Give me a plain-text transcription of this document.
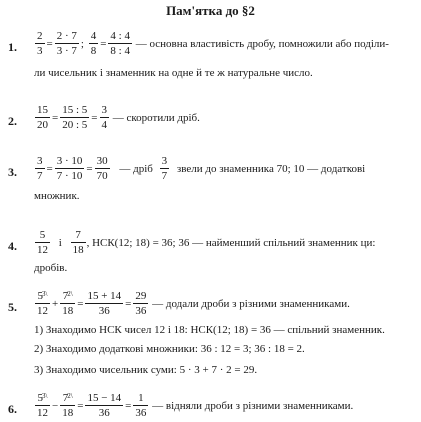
Пам'ятка до §2
1. $\frac{2}{3} = \frac{2 \cdot 7}{3 \cdot 7}$ ; $\frac{4}{8} = \frac{4 : 4}{8 : 4}$ — основна властивість дробу, помножили або поділи-
ли чисельник і знаменник на одне й те ж натуральне число.
2. $\frac{15}{20} = \frac{15 : 5}{20 : 5} = \frac{3}{4}$ — скоротили дріб.
3. $\frac{3}{7} = \frac{3 \cdot 10}{7 \cdot 10} = \frac{30}{70}$ — дріб $\frac{3}{7}$ звели до знаменника 70; 10 — додаткові
множник.
4. $\frac{5}{12}$ і $\frac{7}{18}$ , НСК(12; 18) = 36; 36 — найменший спільний знаменник ци:
дробів.
5. $\frac{5^{3\backslash}}{12} + \frac{7^{2\backslash}}{18} = \frac{15 + 14}{36} = \frac{29}{36}$ — додали дроби з різними знаменниками.
1) Знаходимо НСК чисел 12 і 18: НСК(12; 18) = 36 — спільний знаменник.
2) Знаходимо додаткові множники: 36 : 12 = 3; 36 : 18 = 2.
3) Знаходимо чисельник суми: 5 · 3 + 7 · 2 = 29.
6. $\frac{5^{3\backslash}}{12} - \frac{7^{2\backslash}}{18} = \frac{15 - 14}{36} = \frac{1}{36}$ — відняли дроби з різними знаменниками.
